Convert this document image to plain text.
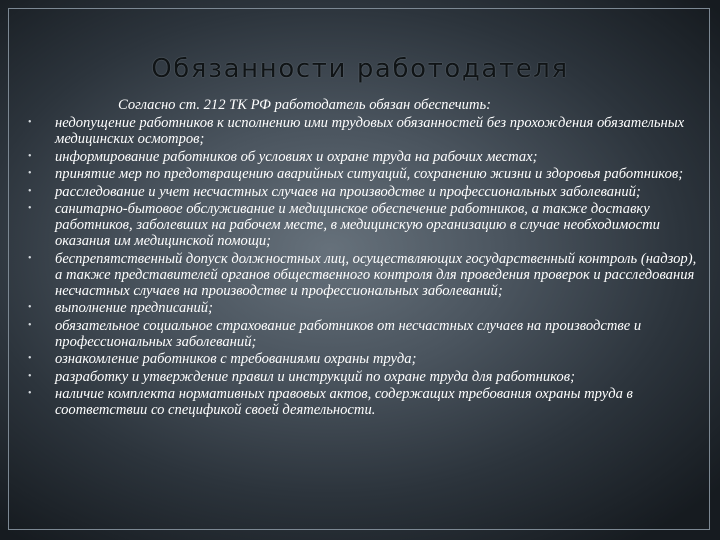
Обязанности работодателя

Согласно ст. 212 ТК РФ работодатель обязан обеспечить:

• недопущение работников к исполнению ими трудовых обязанностей без прохождения обязательных медицинских осмотров;
• информирование работников об условиях и охране труда на рабочих местах;
• принятие мер по предотвращению аварийных ситуаций, сохранению жизни и здоровья работников;
• расследование и учет несчастных случаев на производстве и профессиональных заболеваний;
• санитарно-бытовое обслуживание и медицинское обеспечение работников, а также доставку работников, заболевших на рабочем месте, в медицинскую организацию в случае необходимости оказания им медицинской помощи;
• беспрепятственный допуск должностных лиц, осуществляющих государственный контроль (надзор), а также представителей органов общественного контроля для проведения проверок и расследования несчастных случаев на производстве и профессиональных заболеваний;
• выполнение предписаний;
• обязательное социальное страхование работников от несчастных случаев на производстве и профессиональных заболеваний;
• ознакомление работников с требованиями охраны труда;
• разработку и утверждение правил и инструкций по охране труда для работников;
• наличие комплекта нормативных правовых актов, содержащих требования охраны труда в соответствии со спецификой своей деятельности.
